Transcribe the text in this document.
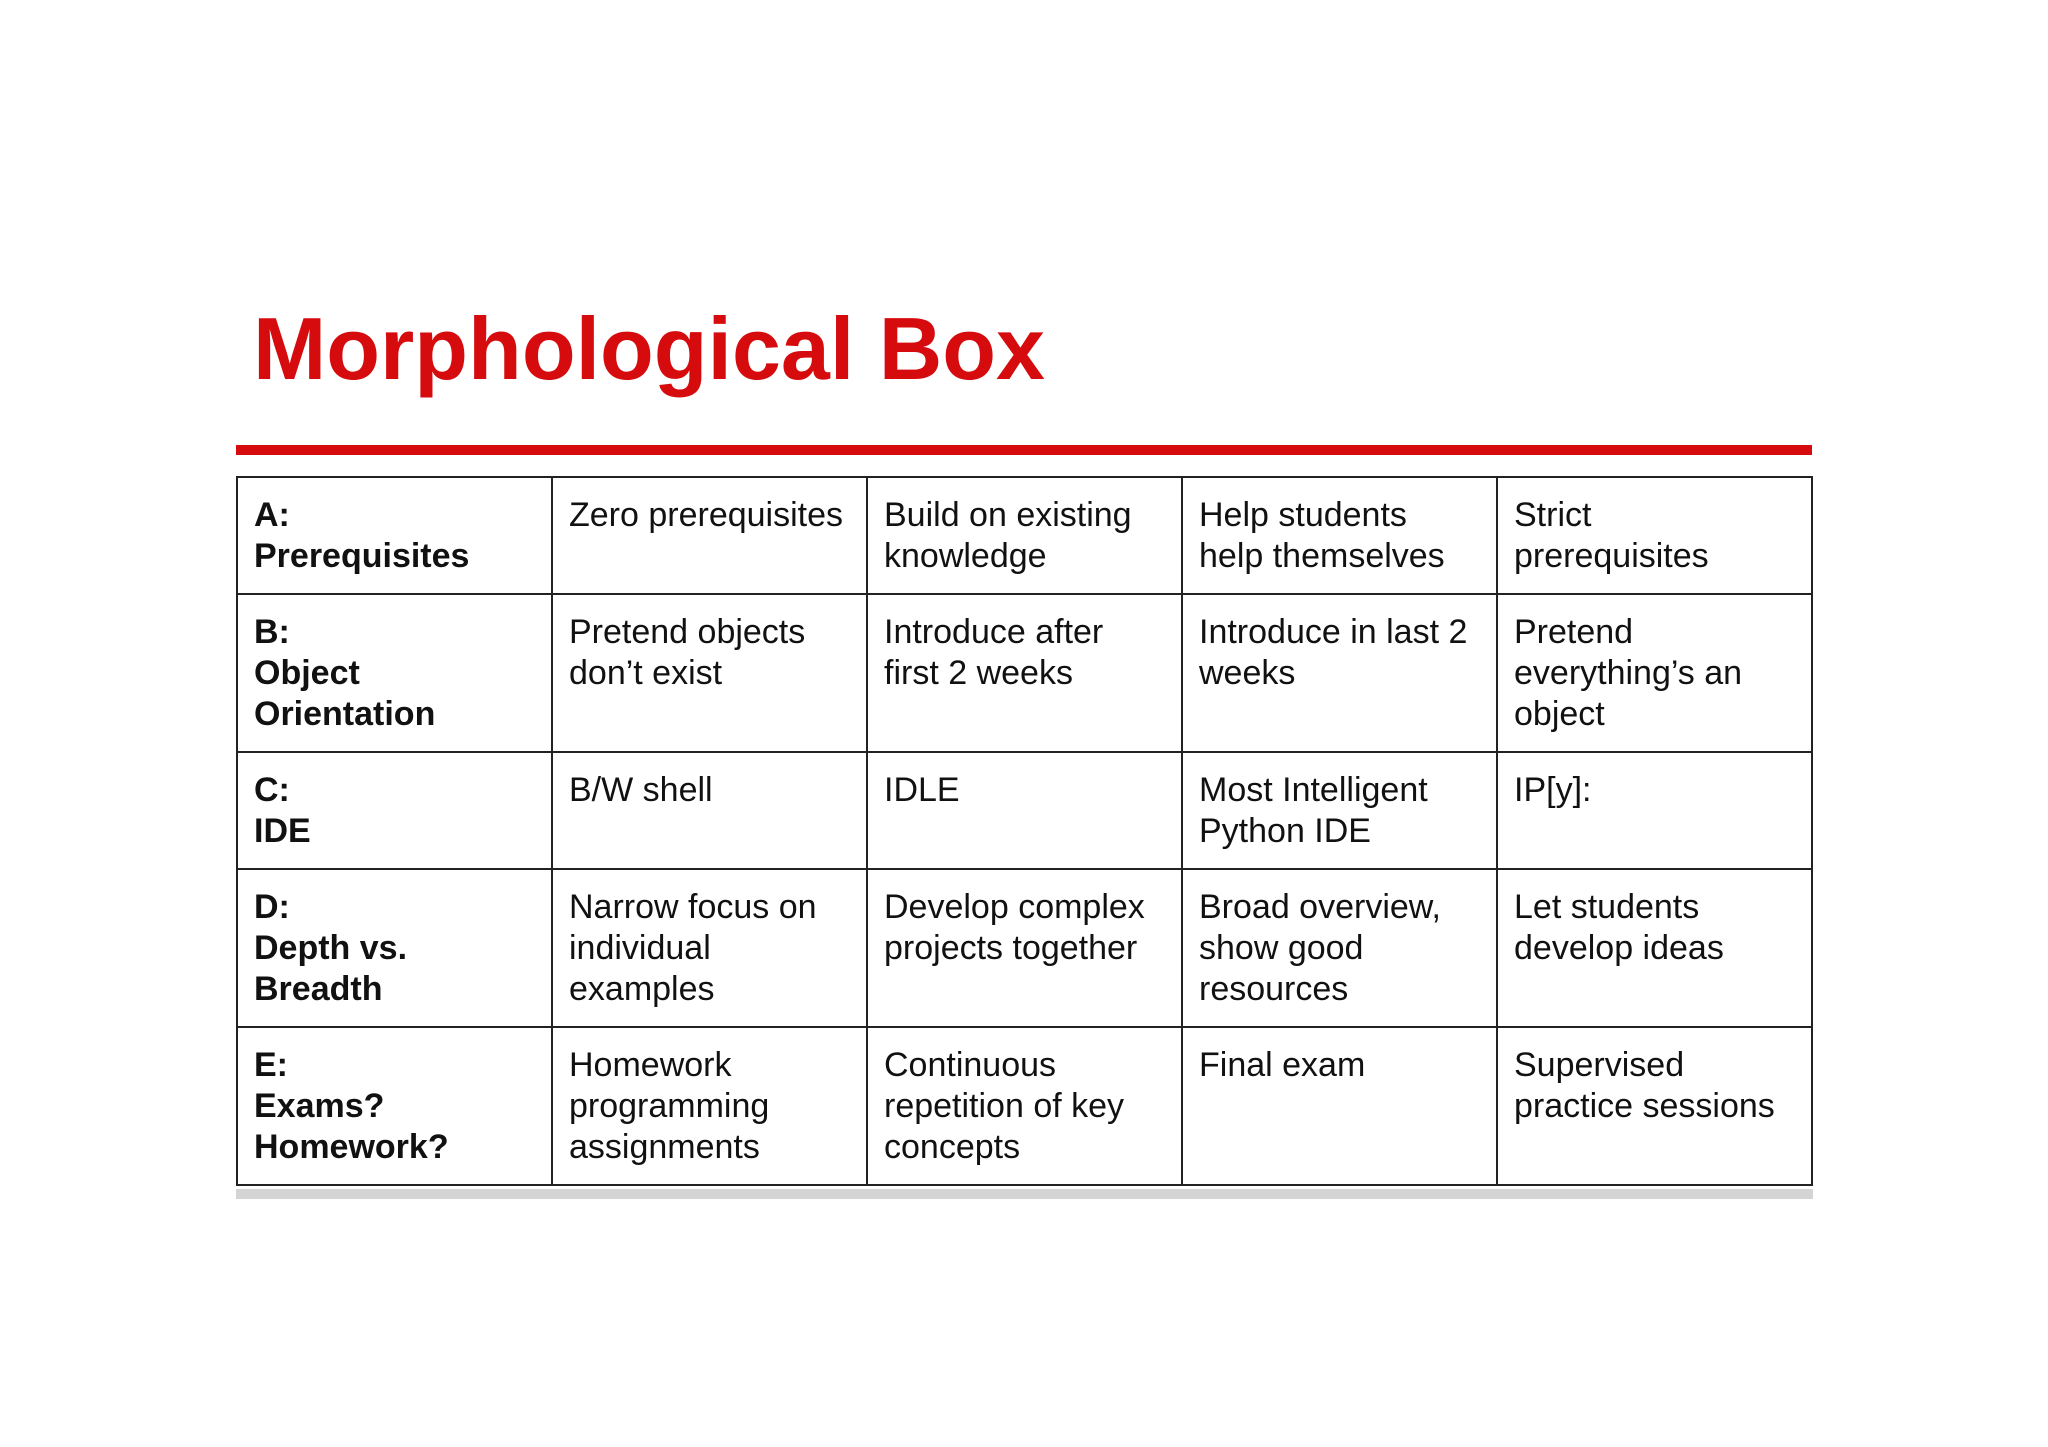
Morphological Box
A:
Prerequisites	Zero prerequisites	Build on existing knowledge	Help students help themselves	Strict prerequisites

B:
Object Orientation	Pretend objects don’t exist	Introduce after first 2 weeks	Introduce in last 2 weeks	Pretend everything’s an object

C:
IDE	B/W shell	IDLE	Most Intelligent Python IDE	IP[y]:

D:
Depth vs. Breadth	Narrow focus on individual examples	Develop complex projects together	Broad overview, show good resources	Let students develop ideas

E:
Exams? Homework?	Homework programming assignments	Continuous repetition of key concepts	Final exam	Supervised practice sessions
